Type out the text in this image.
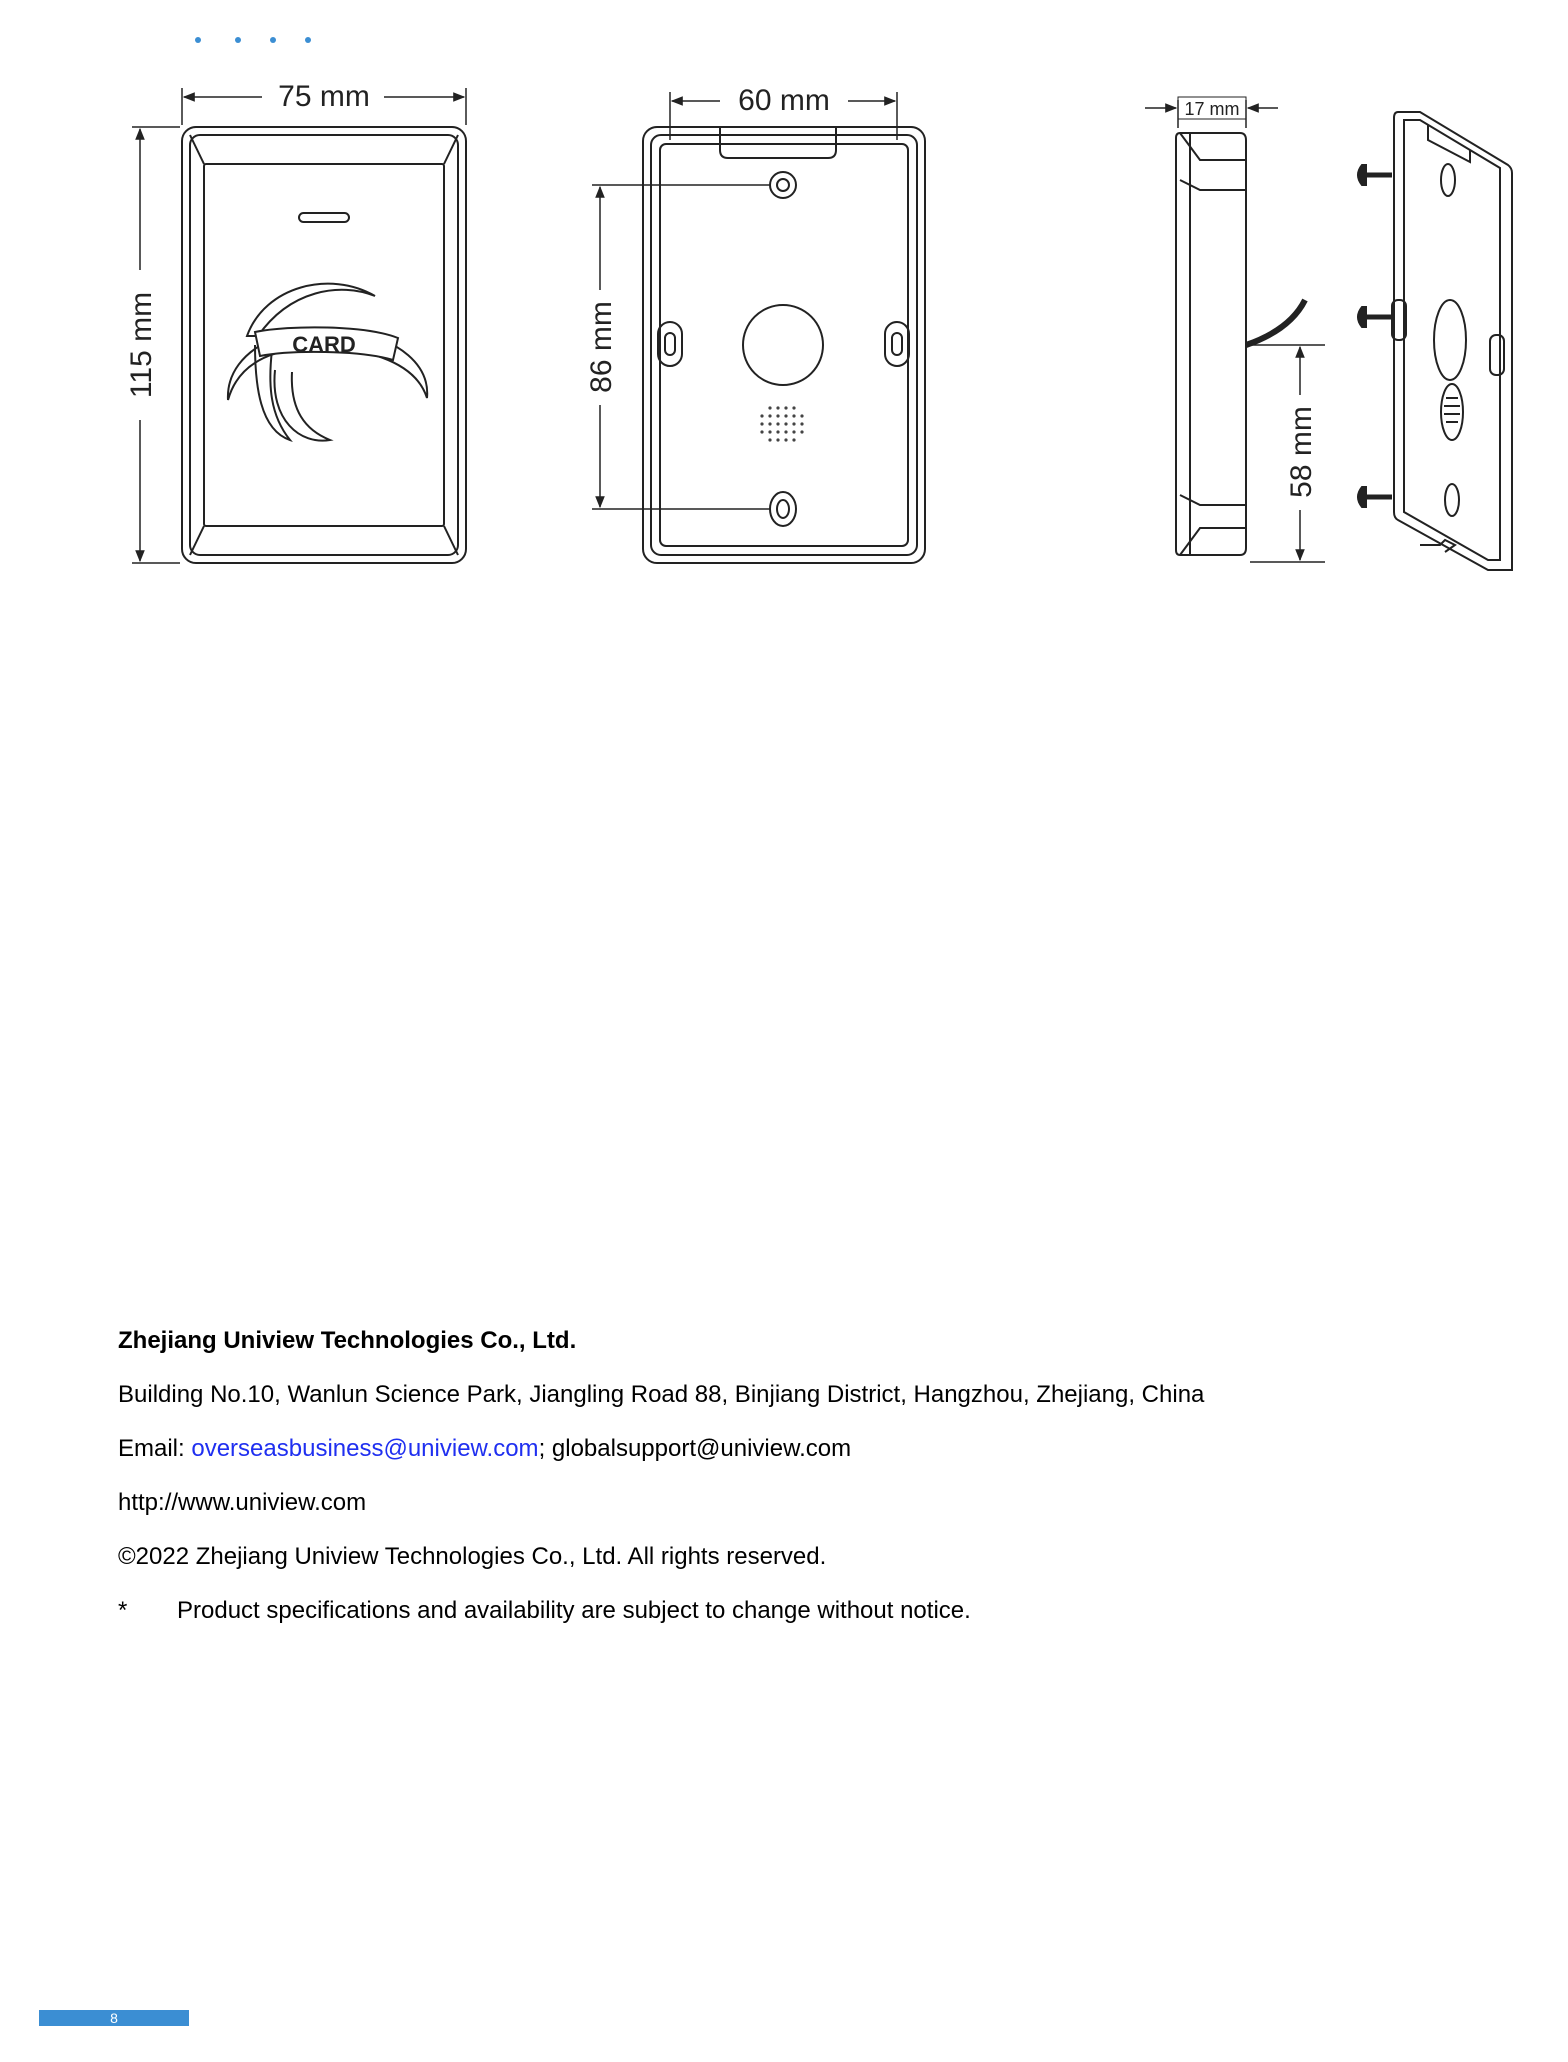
CARD
75 mm
115 mm
60 mm
86 mm
17 mm
58 mm

Zhejiang Uniview Technologies Co., Ltd.

Building No.10, Wanlun Science Park, Jiangling Road 88, Binjiang District, Hangzhou, Zhejiang, China

Email: overseasbusiness@uniview.com; globalsupport@uniview.com

http://www.uniview.com

©2022 Zhejiang Uniview Technologies Co., Ltd. All rights reserved.

*	Product specifications and availability are subject to change without notice.

8
